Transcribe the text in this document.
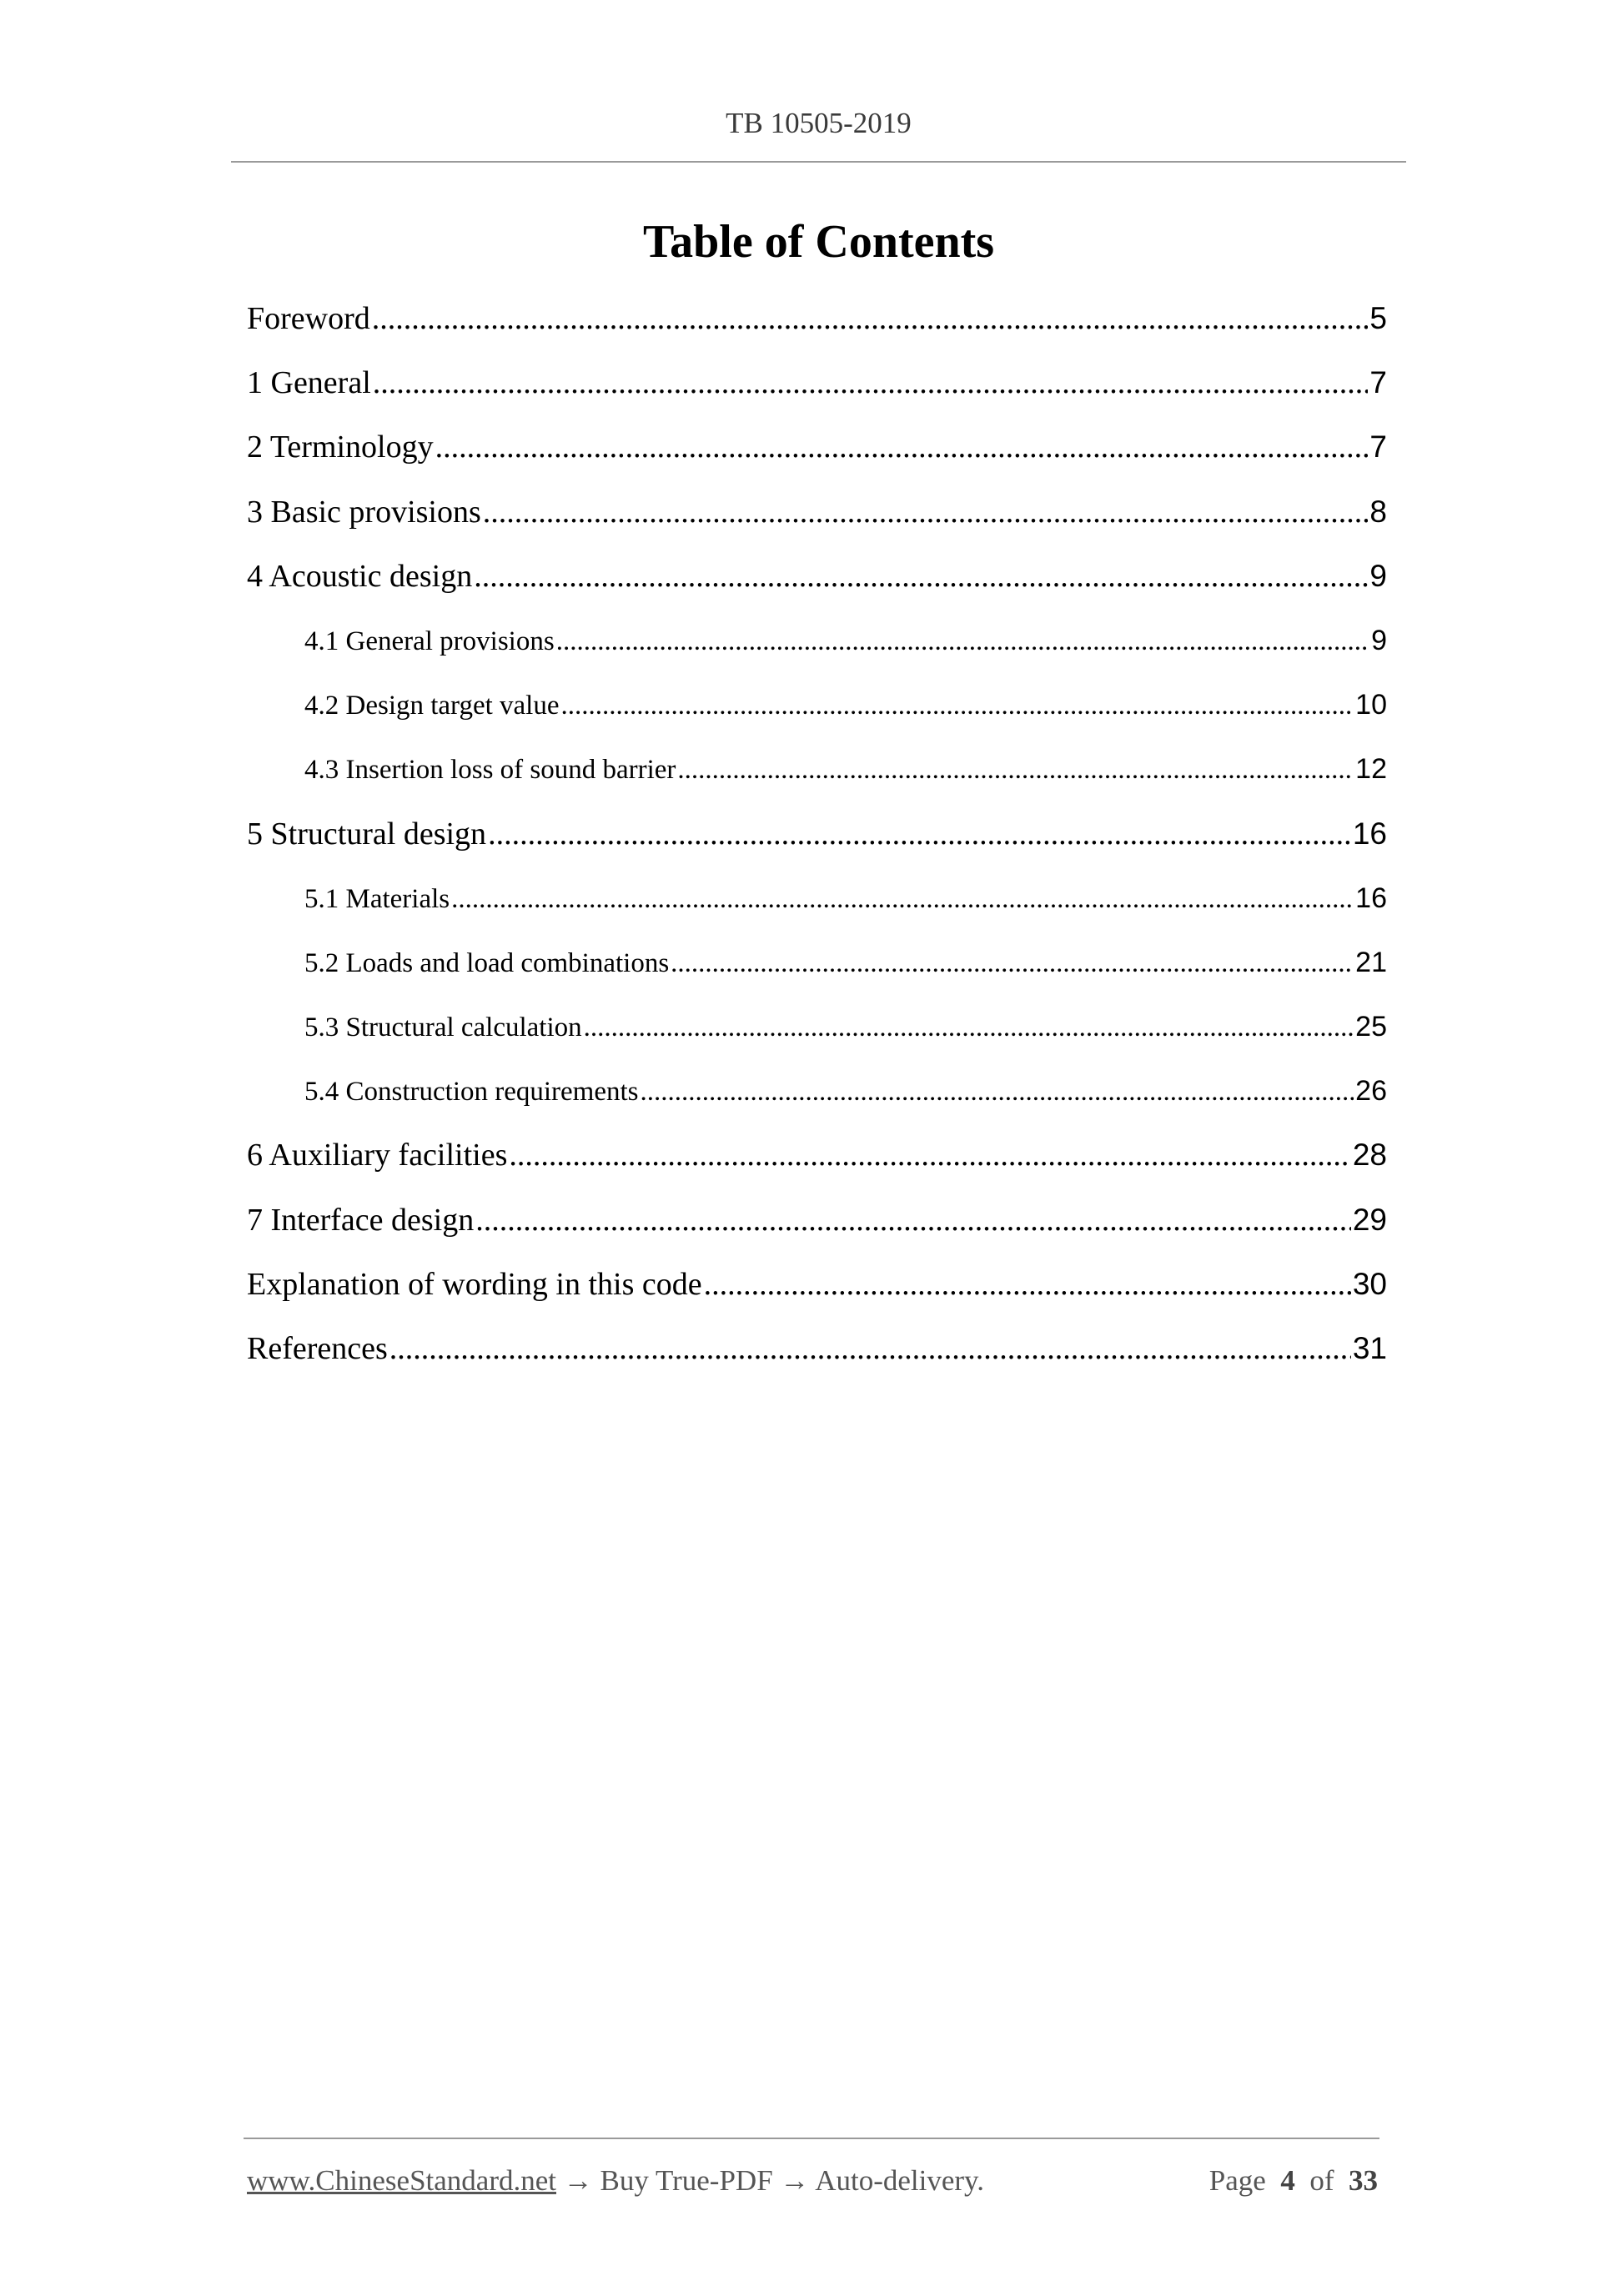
TB 10505-2019
Table of Contents
Foreword .....	5
1 General .....	7
2 Terminology .....	7
3 Basic provisions .....	8
4 Acoustic design .....	9
4.1 General provisions .....	9
4.2 Design target value .....	10
4.3 Insertion loss of sound barrier .....	12
5 Structural design .....	16
5.1 Materials .....	16
5.2 Loads and load combinations .....	21
5.3 Structural calculation .....	25
5.4 Construction requirements .....	26
6 Auxiliary facilities .....	28
7 Interface design .....	29
Explanation of wording in this code .....	30
References .....	31
www.ChineseStandard.net → Buy True-PDF → Auto-delivery.	Page 4 of 33
